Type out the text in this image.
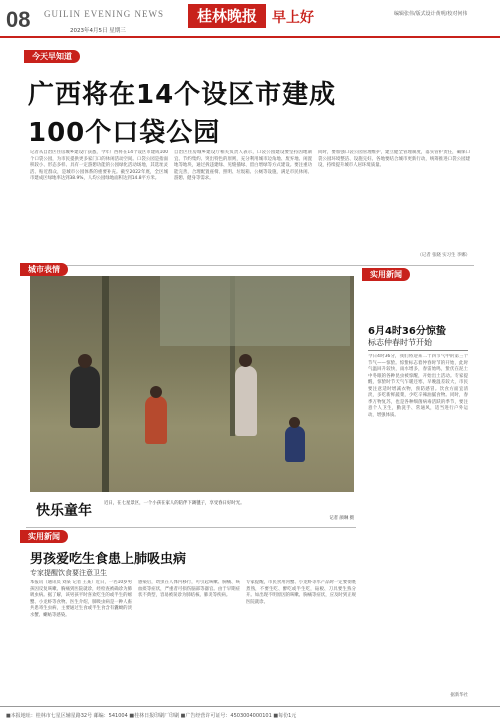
08 GUILIN EVENING NEWS
2023年4月5日 星期三
桂林晚报	早上好	编辑张伟/版式设计黄明/校对何伟
今天早知道
广西将在14个设区市建成
100个口袋公园
记者从自治区住房城乡建设厅获悉，今年广西将在14个设区市建成100个口袋公园，为市民提供更多家门口的休闲活动空间。口袋公园是指面积较小、形态多样、具有一定游憩功能的公园绿化活动场地，其选址灵活、贴近群众，是城市公园体系的重要补充。截至2022年底，全区城市建成区绿地率达到38.9%，人均公园绿地面积达到14.8平方米。
自治区住房城乡建设厅相关负责人表示，口袋公园建设要坚持因地制宜、节约集约、突出特色的原则，充分利用城市边角地、废弃地、闲置地等地块，通过拆违建绿、见缝插绿、留白增绿等方式建设。要注重功能完善，合理配置座椅、照明、垃圾箱、公厕等设施，满足市民休闲、游憩、健身等需求。
同时，要加强口袋公园管理维护，建立健全管理制度，落实管护责任，确保口袋公园环境整洁、设施完好。各地要结合城市更新行动，统筹推进口袋公园建设，持续提升城市人居环境质量。
（记者 张晓 实习生 李娜）
城市表情
快乐童年	近日，在七星景区，一个小孩在家人的陪伴下踢毽子，享受春日好时光。
记者 颜琳 摄
实用新闻
6月4时36分惊蛰
标志仲春时节开始
今日4时36分，我们将迎来二十四节气中的第三个节气——惊蛰。惊蛰标志着仲春时节的开始，此时气温回升较快，雨水增多，春雷始鸣，蛰伏在泥土中冬眠的各种昆虫被惊醒，开始出土活动。专家提醒，惊蛰时节天气乍暖还寒，早晚温差较大，市民要注意适时增减衣物，预防感冒。饮食方面宜清淡，多吃新鲜蔬菜，少吃辛辣油腻食物。同时，春季万物复苏，也是各种细菌病毒活跃的季节，要注意个人卫生，勤洗手、常通风，适当进行户外运动，增强体质。
据新华社
实用新闻
男孩爱吃生食患上肺吸虫病
专家提醒饮食要注意卫生
本报讯（通讯员 刘某 记者 王某）近日，一名10岁男孩因反复咳嗽、胸痛到医院就诊，经检查被确诊为肺吸虫病。据了解，该男孩平时喜欢吃生的或半生的螃蟹、小龙虾等食物。医生介绍，肺吸虫病是一种人畜共患寄生虫病，主要通过生食或半生食含有囊蚴的淡水蟹、蝲蛄等感染。
感染后，幼虫在人体内移行，可引起咳嗽、胸痛、咳血痰等症状，严重者可损伤脑部等器官。由于早期症状不典型，容易被误诊为肺结核、肺炎等疾病。
专家提醒，市民食用河蟹、小龙虾等水产品时一定要彻底煮熟，不要生吃、醉吃或半生吃，砧板、刀具要生熟分开。如出现不明原因的咳嗽、胸痛等症状，应及时到正规医院就诊。
■本报地址：桂林市七星区辅星路32号 邮编：541004 ■桂林日报印刷厂印刷 ■广告经营许可证号：4503004000101 ■每份1元
